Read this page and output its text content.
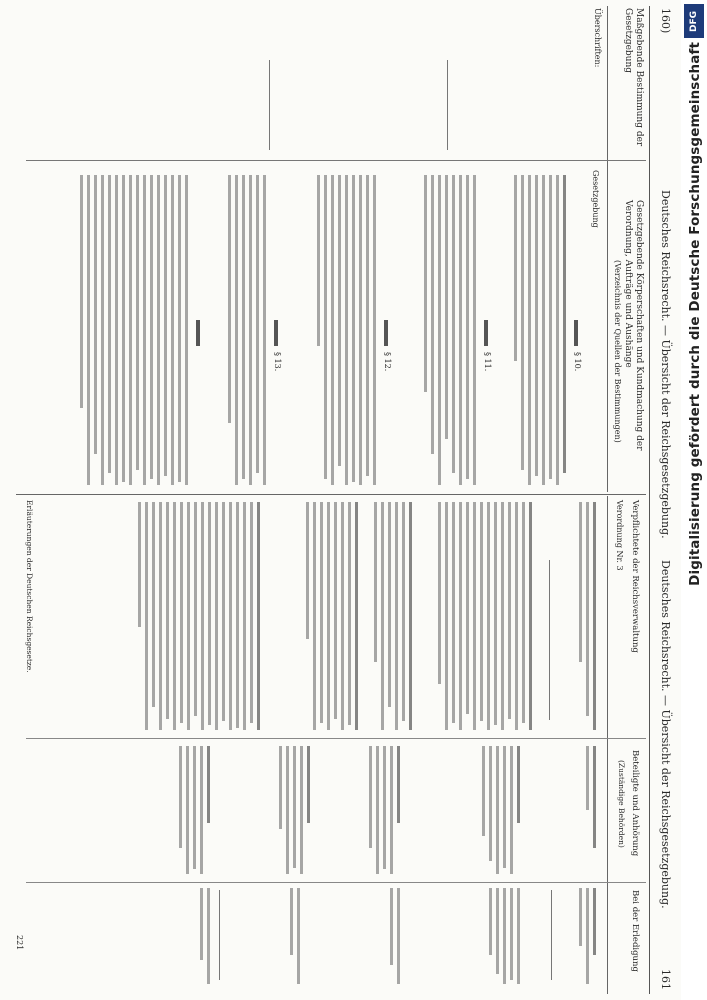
160)
Deutsches Reichsrecht. — Übersicht der Reichsgesetzgebung.
Deutsches Reichsrecht. — Übersicht der Reichsgesetzgebung.
161
Maßgebende Bestimmung der Gesetzgebung
Gesetzgebende Körperschaften und Kundmachung der Verordnung, Aufträge und Aushänge
(Verzeichnis der Quellen der Bestimmungen)
Überschriften:
Gesetzgebung
Verpflichtete der Reichsverwaltung
Verordnung Nr. 3
Beteiligte und Anhörung
(Zuständige Behörden)
Bei der Erledigung
Erläuterungen der Deutschen Reichsgesetze.
221
§ 10.
§ 11.
§ 12.
§ 13.
DFG
Digitalisierung gefördert durch die Deutsche Forschungsgemeinschaft
